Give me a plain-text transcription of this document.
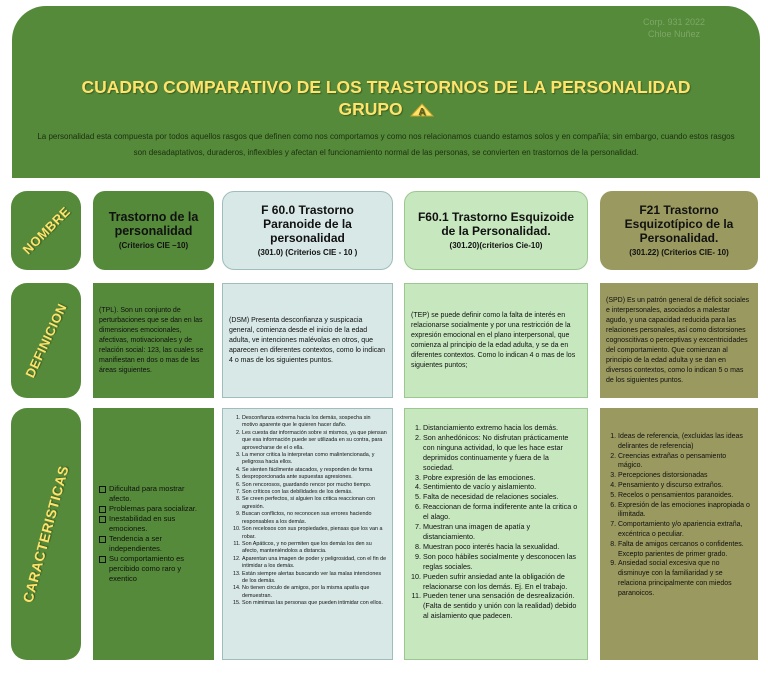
Corp. 931 2022
Chloe Nuñez
CUADRO COMPARATIVO DE LOS TRASTORNOS DE LA PERSONALIDAD
GRUPO A
La personalidad esta compuesta por todos aquellos rasgos que definen como nos comportamos y como nos relacionamos cuando estamos solos y en compañía; sin embargo, cuando estos rasgos son desadaptativos, duraderos, inflexibles y afectan el funcionamiento normal de las personas, se convierten en trastornos de la personalidad.
NOMBRE
DEFINICION
CARACTERISTICAS
Trastorno de la personalidad
(Criterios CIE –10)
F 60.0 Trastorno Paranoide de la personalidad
(301.0) (Criterios CIE - 10 )
F60.1 Trastorno Esquizoide de la Personalidad.
(301.20)(criterios Cie-10)
F21 Trastorno Esquizotípico de la Personalidad.
(301.22) (Criterios CIE- 10)
(TPL). Son un conjunto de perturbaciones que se dan en las dimensiones emocionales, afectivas, motivacionales y de relación social: 123, las cuales se manifiestan en dos o mas de las áreas siguientes.
(DSM) Presenta desconfianza y suspicacia general, comienza desde el inicio de la edad adulta, ve intenciones malévolas en otros, que aparecen en diferentes contextos, como lo indican 4 o mas de los siguientes puntos.
(TEP) se puede definir como la falta de interés en relacionarse socialmente y por una restricción de la expresión emocional en el plano interpersonal, que comienza al principio de la edad adulta, y se da en diferentes contextos. Como lo indican 4 o mas de los siguientes puntos;
(SPD) Es un patrón general de déficit sociales e interpersonales, asociados a malestar agudo, y una capacidad reducida para las relaciones personales, así como distorsiones cognoscitivas o perceptivas y excentricidades del comportamiento. Que comienzan al principio de la edad adulta y se dan en diversos contextos, como lo indican 5 o mas de los siguientes puntos.
Dificultad para mostrar afecto.
Problemas para socializar.
Inestabilidad en sus emociones.
Tendencia a ser independientes.
Su comportamiento es percibido como raro y exentico
1. Desconfianza extrema hacia los demás, sospecha sin motivo aparente que le quieren hacer daño.
2. Les cuesta dar información sobre si mismos, ya que piensan que esa información puede ser utilizada en su contra, para aprovecharse de el o ella.
3. La menor critica la interpretan como malintencionada, y peligrosa hacia ellos.
4. Se sienten fácilmente atacados, y responden de forma
5. desproporcionada ante supuestas agresiones.
6. Son rencorosos, guardando rencor por mucho tiempo.
7. Son críticos con las debilidades de los demás.
8. Se creen perfectos, si alguien los critica reaccionan con agresión.
9. Buscan conflictos, no reconocen sus errores haciendo responsables a los demás.
10. Son recelosos con sus propiedades, piensas que los van a robar.
11. Son Apáticos, y no permiten que los demás los den su afecto, manteniéndolos a distancia.
12. Aparentan una imagen de poder y peligrosidad, con el fin de intimidar a los demás.
13. Están siempre alertas buscando ver las malas intenciones de los demás.
14. No tienen circulo de amigos, por la misma apatía que demuestran.
15. Son mimimas las personas que pueden intimidar con ellos.
1. Distanciamiento extremo hacia los demás.
2. Son anhedónicos: No disfrutan prácticamente con ninguna actividad, lo que les hace estar deprimidos continuamente y fuera de la sociedad.
3. Pobre expresión de las emociones.
4. Sentimiento de vacío y aislamiento.
5. Falta de necesidad de relaciones sociales.
6. Reaccionan de forma indiferente ante la critica o el alago.
7. Muestran una imagen de apatía y distanciamiento.
8. Muestran poco interés hacia la sexualidad.
9. Son poco hábiles socialmente y desconocen las reglas sociales.
10. Pueden sufrir ansiedad ante la obligación de relacionarse con los demás. Ej. En el trabajo.
11. Pueden tener una sensación de desrealización. (Falta de sentido y unión con la realidad) debido al aislamiento que padecen.
1. Ideas de referencia, (excluidas las ideas delirantes de referencia)
2. Creencias extrañas o pensamiento mágico.
3. Percepciones distorsionadas
4. Pensamiento y discurso extraños.
5. Recelos o pensamientos paranoides.
6. Expresión de las emociones inapropiada o ilimitada.
7. Comportamiento y/o apariencia extraña, excéntrica o peculiar.
8. Falta de amigos cercanos o confidentes. Excepto parientes de primer grado.
9. Ansiedad social excesiva que no disminuye con la familiaridad y se relaciona principalmente con miedos paranoicos.
